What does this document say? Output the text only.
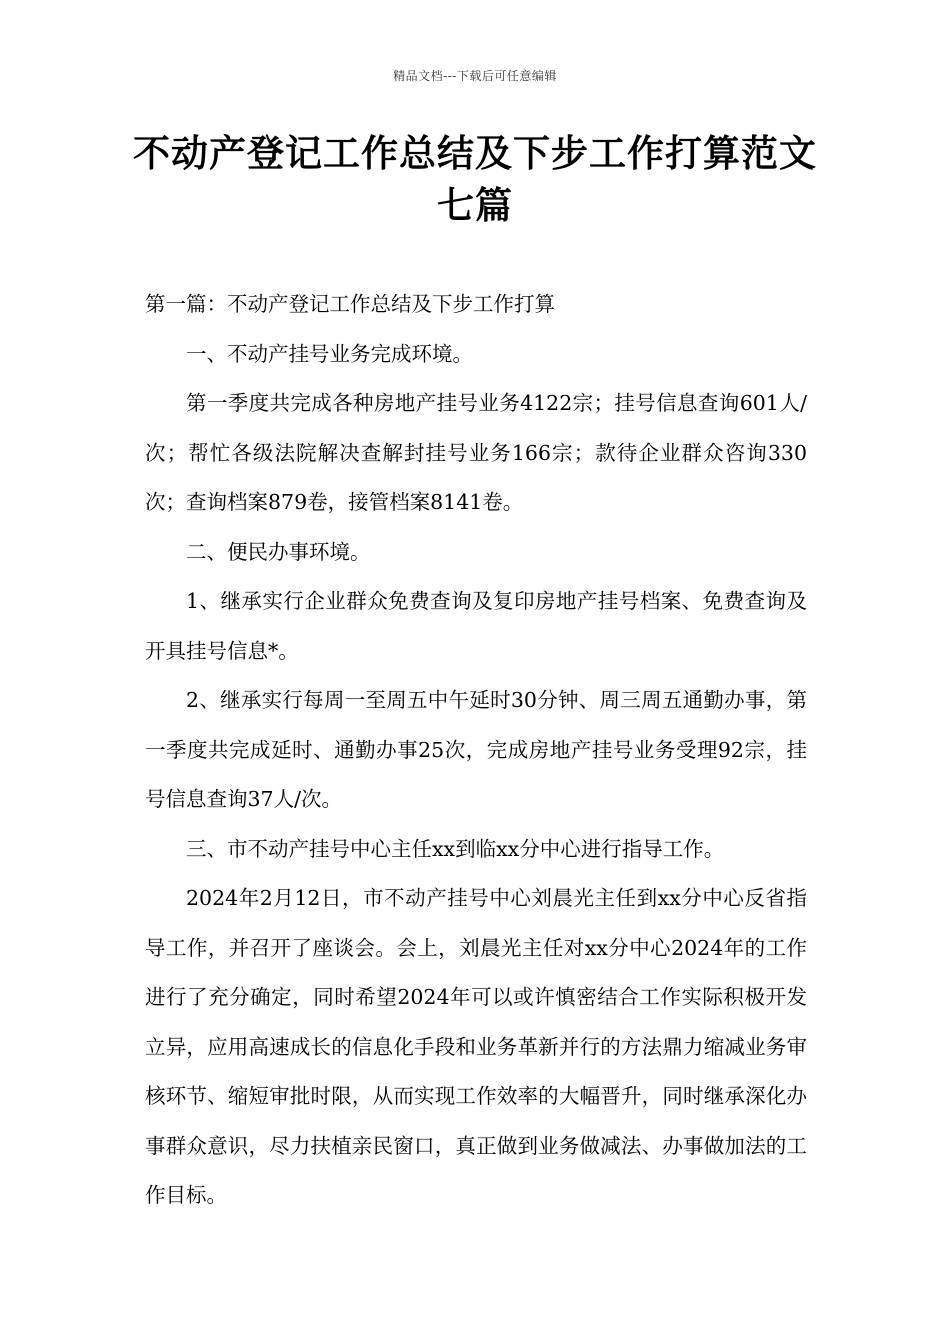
精品文档---下载后可任意编辑
不动产登记工作总结及下步工作打算范文七篇

第一篇：不动产登记工作总结及下步工作打算

一、不动产挂号业务完成环境。

第一季度共完成各种房地产挂号业务4122宗；挂号信息查询601人/次；帮忙各级法院解决查解封挂号业务166宗；款待企业群众咨询330次；查询档案879卷，接管档案8141卷。

二、便民办事环境。

1、继承实行企业群众免费查询及复印房地产挂号档案、免费查询及开具挂号信息*。

2、继承实行每周一至周五中午延时30分钟、周三周五通勤办事，第一季度共完成延时、通勤办事25次，完成房地产挂号业务受理92宗，挂号信息查询37人/次。

三、市不动产挂号中心主任xx到临xx分中心进行指导工作。

2024年2月12日，市不动产挂号中心刘晨光主任到xx分中心反省指导工作，并召开了座谈会。会上，刘晨光主任对xx分中心2024年的工作进行了充分确定，同时希望2024年可以或许慎密结合工作实际积极开发立异，应用高速成长的信息化手段和业务革新并行的方法鼎力缩减业务审核环节、缩短审批时限，从而实现工作效率的大幅晋升，同时继承深化办事群众意识，尽力扶植亲民窗口，真正做到业务做减法、办事做加法的工作目标。
